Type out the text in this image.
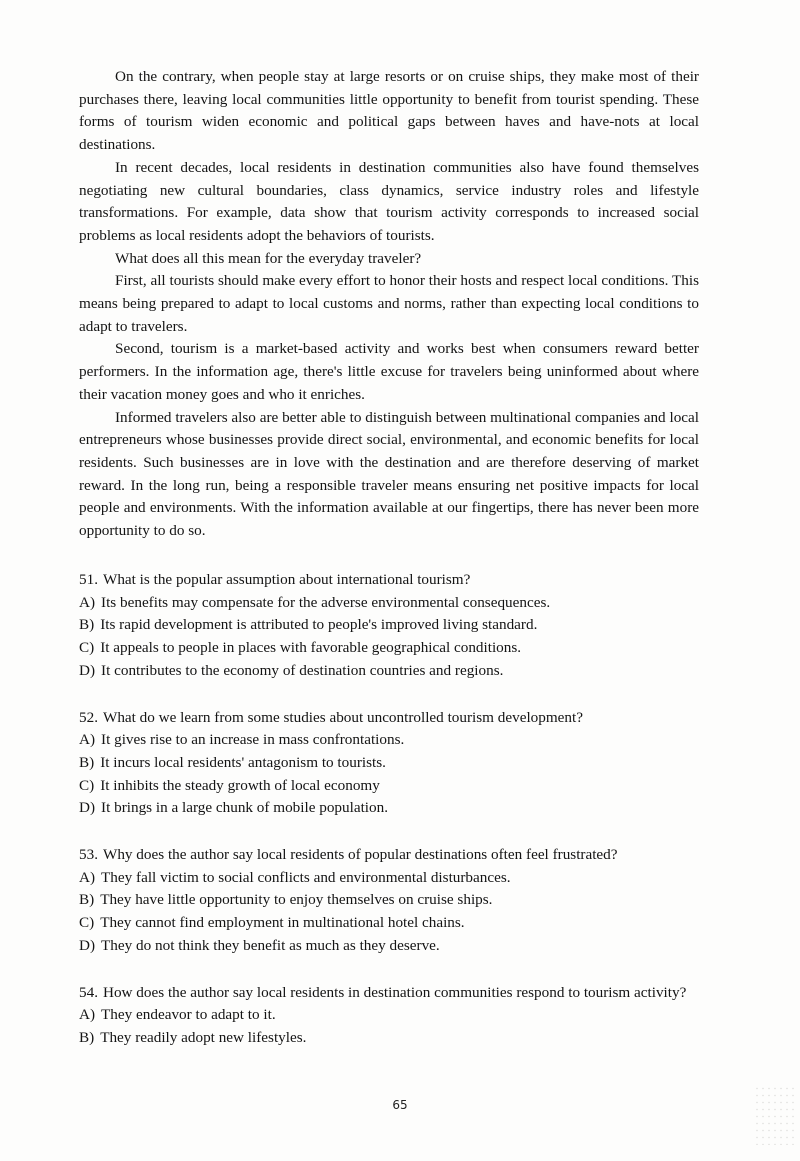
On the contrary, when people stay at large resorts or on cruise ships, they make most of their purchases there, leaving local communities little opportunity to benefit from tourist spending. These forms of tourism widen economic and political gaps between haves and have-nots at local destinations.

In recent decades, local residents in destination communities also have found themselves negotiating new cultural boundaries, class dynamics, service industry roles and lifestyle transformations. For example, data show that tourism activity corresponds to increased social problems as local residents adopt the behaviors of tourists.

What does all this mean for the everyday traveler?

First, all tourists should make every effort to honor their hosts and respect local conditions. This means being prepared to adapt to local customs and norms, rather than expecting local conditions to adapt to travelers.

Second, tourism is a market-based activity and works best when consumers reward better performers. In the information age, there's little excuse for travelers being uninformed about where their vacation money goes and who it enriches.

Informed travelers also are better able to distinguish between multinational companies and local entrepreneurs whose businesses provide direct social, environmental, and economic benefits for local residents. Such businesses are in love with the destination and are therefore deserving of market reward. In the long run, being a responsible traveler means ensuring net positive impacts for local people and environments. With the information available at our fingertips, there has never been more opportunity to do so.

51. What is the popular assumption about international tourism?

A) Its benefits may compensate for the adverse environmental consequences.
B) Its rapid development is attributed to people's improved living standard.
C) It appeals to people in places with favorable geographical conditions.
D) It contributes to the economy of destination countries and regions.

52. What do we learn from some studies about uncontrolled tourism development?

A) It gives rise to an increase in mass confrontations.
B) It incurs local residents' antagonism to tourists.
C) It inhibits the steady growth of local economy
D) It brings in a large chunk of mobile population.

53. Why does the author say local residents of popular destinations often feel frustrated?

A) They fall victim to social conflicts and environmental disturbances.
B) They have little opportunity to enjoy themselves on cruise ships.
C) They cannot find employment in multinational hotel chains.
D) They do not think they benefit as much as they deserve.

54. How does the author say local residents in destination communities respond to tourism activity?

A) They endeavor to adapt to it.
B) They readily adopt new lifestyles.
65
